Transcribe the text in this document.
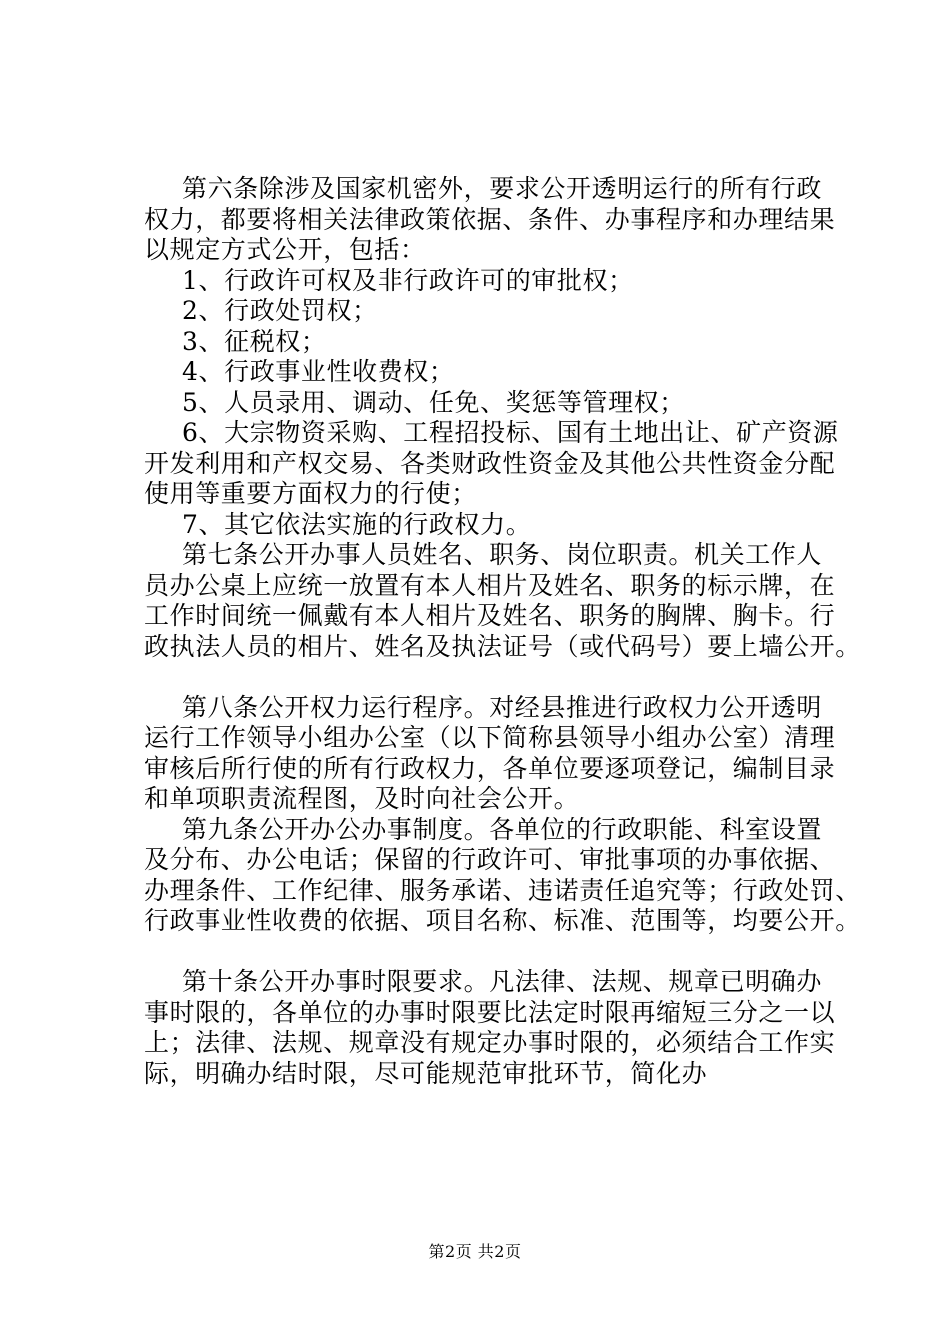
第六条除涉及国家机密外，要求公开透明运行的所有行政
权力，都要将相关法律政策依据、条件、办事程序和办理结果
以规定方式公开，包括：
1、行政许可权及非行政许可的审批权；
2、行政处罚权；
3、征税权；
4、行政事业性收费权；
5、人员录用、调动、任免、奖惩等管理权；
6、大宗物资采购、工程招投标、国有土地出让、矿产资源
开发利用和产权交易、各类财政性资金及其他公共性资金分配
使用等重要方面权力的行使；
7、其它依法实施的行政权力。
第七条公开办事人员姓名、职务、岗位职责。机关工作人
员办公桌上应统一放置有本人相片及姓名、职务的标示牌，在
工作时间统一佩戴有本人相片及姓名、职务的胸牌、胸卡。行
政执法人员的相片、姓名及执法证号（或代码号）要上墙公开。
第八条公开权力运行程序。对经县推进行政权力公开透明
运行工作领导小组办公室（以下简称县领导小组办公室）清理
审核后所行使的所有行政权力，各单位要逐项登记，编制目录
和单项职责流程图，及时向社会公开。
第九条公开办公办事制度。各单位的行政职能、科室设置
及分布、办公电话；保留的行政许可、审批事项的办事依据、
办理条件、工作纪律、服务承诺、违诺责任追究等；行政处罚、
行政事业性收费的依据、项目名称、标准、范围等，均要公开。
第十条公开办事时限要求。凡法律、法规、规章已明确办
事时限的，各单位的办事时限要比法定时限再缩短三分之一以
上；法律、法规、规章没有规定办事时限的，必须结合工作实
际，明确办结时限，尽可能规范审批环节，简化办
第2页 共2页
